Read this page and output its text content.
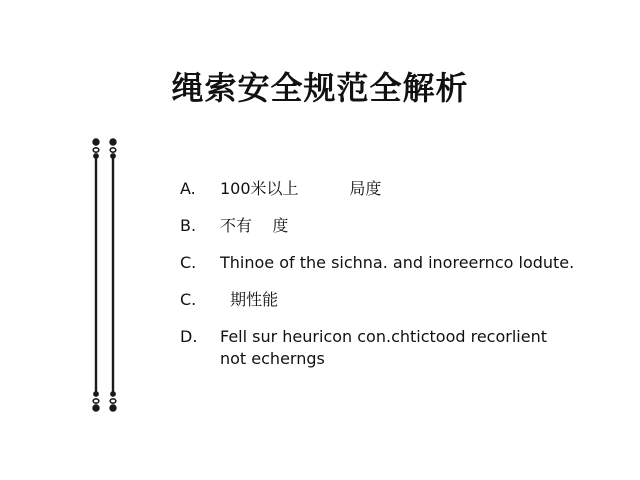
绳索安全规范全解析
A.	100米以上          局度
B.	不有    度
C.	Thinoe of the sichna. and inoreernco lodute.
C.	期性能
D.	Fell sur heuricon con.chtictood recorlient
not echerngs
